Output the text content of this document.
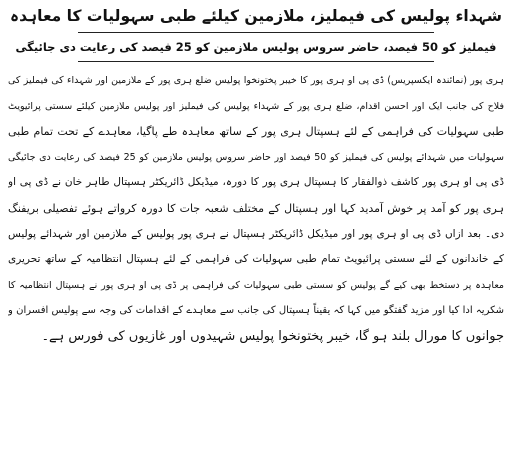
شہداء پولیس کی فیملیز، ملازمین کیلئے طبی سہولیات کا معاہدہ
فیملیز کو 50 فیصد، حاضر سروس پولیس ملازمین کو 25 فیصد کی رعایت دی جائیگی
ہری پور (نمائندہ ایکسپریس) ڈی پی او ہری پور کا خیبر پختونخوا پولیس ضلع ہری پور کے ملازمین اور شہداء کی فیملیز کی
فلاح کی جانب ایک اور احسن اقدام، ضلع ہری پور کے شہداء پولیس کی فیملیز اور پولیس ملازمین کیلئے سستی پرائیویٹ
طبی سہولیات کی فراہمی کے لئے ہسپتال ہری پور کے ساتھ معاہدہ طے پاگیا، معاہدے کے تحت تمام طبی
سہولیات میں شہدائے پولیس کی فیملیز کو 50 فیصد اور حاضر سروس پولیس ملازمین کو 25 فیصد کی رعایت دی جائیگی
ڈی پی او ہری پور کاشف ذوالفقار کا ہسپتال ہری پور کا دورہ، میڈیکل ڈائریکٹر ہسپتال طاہر خان نے ڈی پی او
ہری پور کو آمد پر خوش آمدید کہا اور ہسپتال کے مختلف شعبہ جات کا دورہ کرواتے ہوئے تفصیلی بریفنگ
دی۔ بعد ازاں ڈی پی او ہری پور اور میڈیکل ڈائریکٹر ہسپتال نے ہری پور پولیس کے ملازمین اور شہدائے پولیس
کے خاندانوں کے لئے سستی پرائیویٹ تمام طبی سہولیات کی فراہمی کے لئے ہسپتال انتظامیہ کے ساتھ تحریری
معاہدہ پر دستخط بھی کیے گے پولیس کو سستی طبی سہولیات کی فراہمی پر ڈی پی او ہری پور نے ہسپتال انتظامیہ کا
شکریہ ادا کیا اور مزید گفتگو میں کہا کہ یقیناً ہسپتال کی جانب سے معاہدے کے اقدامات کی وجہ سے پولیس افسران و
جوانوں کا مورال بلند ہو گا، خیبر پختونخوا پولیس شہیدوں اور غازیوں کی فورس ہے۔
